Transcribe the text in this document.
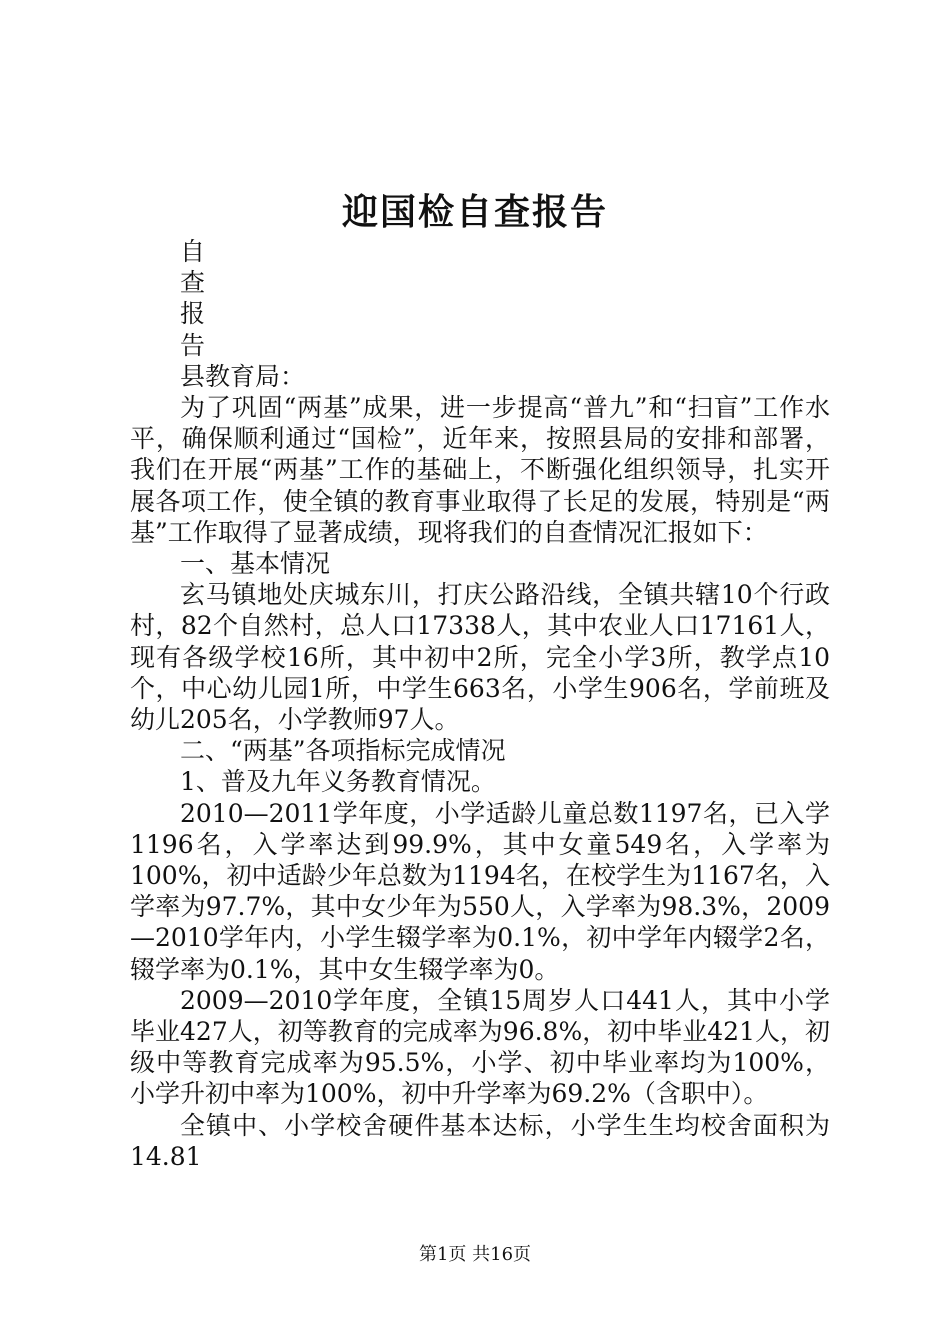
迎国检自查报告
自
查
报
告

县教育局：

为了巩固“两基”成果，进一步提高“普九”和“扫盲”工作水平，确保顺利通过“国检”，近年来，按照县局的安排和部署，我们在开展“两基”工作的基础上，不断强化组织领导，扎实开展各项工作，使全镇的教育事业取得了长足的发展，特别是“两基”工作取得了显著成绩，现将我们的自查情况汇报如下：

一、基本情况

玄马镇地处庆城东川，打庆公路沿线，全镇共辖10个行政村，82个自然村，总人口17338人，其中农业人口17161人，现有各级学校16所，其中初中2所，完全小学3所，教学点10个，中心幼儿园1所，中学生663名，小学生906名，学前班及幼儿205名，小学教师97人。

二、“两基”各项指标完成情况

1、普及九年义务教育情况。

2010—2011学年度，小学适龄儿童总数1197名，已入学1196名，入学率达到99.9%，其中女童549名，入学率为100%，初中适龄少年总数为1194名，在校学生为1167名，入学率为97.7%，其中女少年为550人，入学率为98.3%，2009—2010学年内，小学生辍学率为0.1%，初中学年内辍学2名，辍学率为0.1%，其中女生辍学率为0。

2009—2010学年度，全镇15周岁人口441人，其中小学毕业427人，初等教育的完成率为96.8%，初中毕业421人，初级中等教育完成率为95.5%，小学、初中毕业率均为100%，小学升初中率为100%，初中升学率为69.2%（含职中）。

全镇中、小学校舍硬件基本达标，小学生生均校舍面积为14.81

第1页 共16页
